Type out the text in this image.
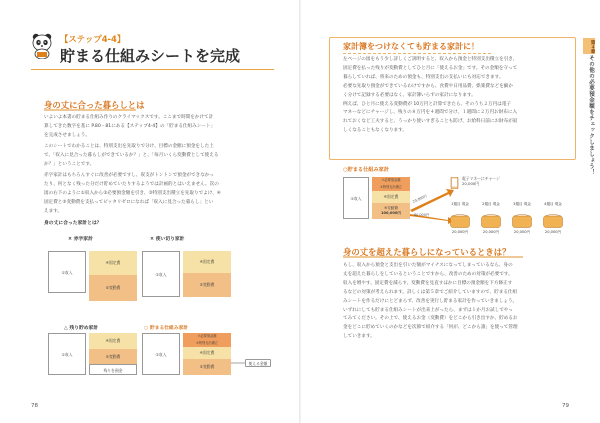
【ステップ4-4】
貯まる仕組みシートを完成
身の丈に合った暮らしとは
いよいよ本書の貯まる仕組み作りのクライマックスです。ここまで時間をかけて計
算してきた数字を基に P.80・81にある【ステップ4-4】の「貯まる仕組みシート」
を完成させましょう。
このシートでわかることは、特別支出を先取りで分け、目標の金額に預金をした上
で、「収入に見合った暮らしができているか？」と、「毎月いくら変動費として使える
か？」ということです。
赤字家計はもちろんすぐに改善が必要ですし、収支がトントンで預金ができなかっ
たり、何となく残った分だけ貯めていたりするようでは計画的とはいえません。次の
図の右下のように①収入から②必要預金額を引き、③特別支出積立を先取りでよけ、④
固定費と⑤変動費を支払ってピッタリゼロになれば「収入に見合った暮らし」とい
えます。
身の丈に合った家計とは？
× 赤字家計
①収入
④固定費
⑤変動費
× 使い切り家計
①収入
④固定費
⑤変動費
△ 残り貯め家計
①収入
④固定費
⑤変動費
残りを預金
○ 貯まる仕組み家計
①収入
②必要預金額
③特別支出積立
④固定費
⑤変動費
使える金額
78
家計簿をつけなくても貯まる家計に！
左ページの図をもう少し詳しくご説明すると、収入から預金と特別支出積立を引き、
固定費を払った残りが変動費としてひと月に「使えるお金」です。その金額を守って
暮らしていれば、将来のための預金も、特別支出の支払いにも対応できます。
必要な先取り預金ができているわけですから、食費や日用品費、娯楽費などを細か
く分けて記録する必要はなく、家計簿いらずの家計になります。
例えば、ひと月に使える変動費が 10万円と計算できたら、そのうち２万円は電子
マネーなどにチャージし、残りの８万円を４週間で分け、１週間に２万円お財布に入
れておくなど工夫すると、うっかり使いすぎることも防げ、お給料日前にお財布が寂
しくなることもなくなります。
○貯まる仕組み家計
①収入
②必要預金額
③特別支出積立
④固定費
⑤変動費
100,000円
20,000円
80,000円
電子マネーにチャージ
20,000円
1週目 現金	2週目 現金	3週目 現金	4週目 現金
20,000円	20,000円	20,000円	20,000円
身の丈を超えた暮らしになっているときは？
もし、収入から預金と支出を引いた額がマイナスになってしまっているなら、身の
丈を超えた暮らしをしているということですから、改善のための対策が必要です。
収入を増やす、固定費を減らす、変動費を見直すほかに目標の預金額を下方修正す
るなどの対策が考えられます。詳しくは第５章でご紹介していますので、貯まる仕組
みシートを作るだけにとどまらず、改善を実行し貯まる家計を作っていきましょう。
いずれにしても貯まる仕組みシートが出来上がったら、まずは１か月お試しでやっ
てみてください。その上で、使えるお金（変動費）をどこから引き出すか、貯めるお
金をどこに貯めていくのかなどを次節で紹介する「何が、どこから誰」を使って管理
していきます。
第４章
その他の必要預金額をチェックしましょう！
79
